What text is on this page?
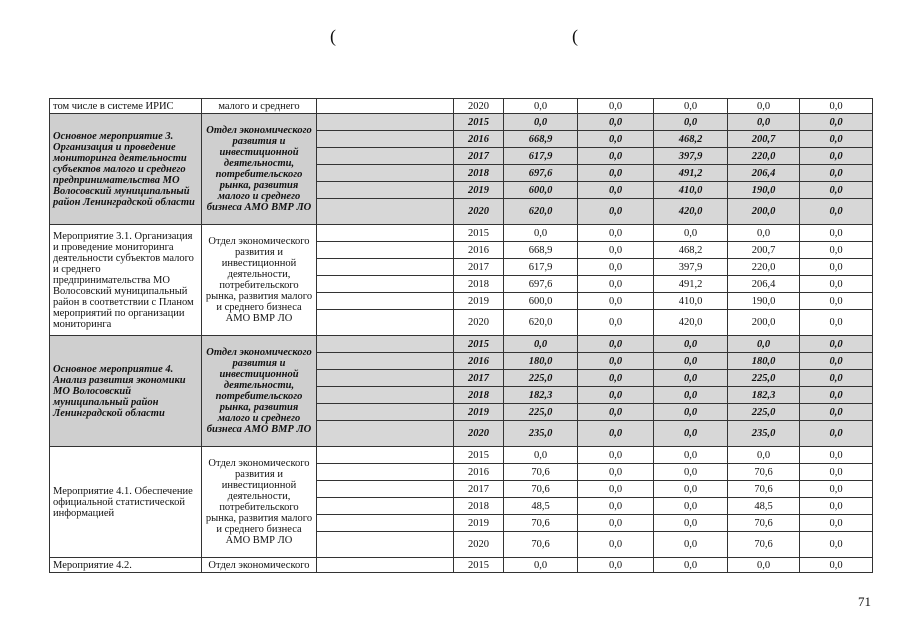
(	(
том числе в системе ИРИС	малого и среднего		2020	0,0	0,0	0,0	0,0	0,0
Основное мероприятие 3. Организация и проведение мониторинга деятельности субъектов малого и среднего предпринимательства МО Волосовский муниципальный район Ленинградской области	Отдел экономического развития и инвестиционной деятельности, потребительского рынка, развития малого и среднего бизнеса АМО ВМР ЛО		2015	0,0	0,0	0,0	0,0	0,0
			2016	668,9	0,0	468,2	200,7	0,0
			2017	617,9	0,0	397,9	220,0	0,0
			2018	697,6	0,0	491,2	206,4	0,0
			2019	600,0	0,0	410,0	190,0	0,0
			2020	620,0	0,0	420,0	200,0	0,0
Мероприятие 3.1. Организация и проведение мониторинга деятельности субъектов малого и среднего предпринимательства МО Волосовский муниципальный район в соответствии с Планом мероприятий по организации мониторинга	Отдел экономического развития и инвестиционной деятельности, потребительского рынка, развития малого и среднего бизнеса АМО ВМР ЛО		2015	0,0	0,0	0,0	0,0	0,0
			2016	668,9	0,0	468,2	200,7	0,0
			2017	617,9	0,0	397,9	220,0	0,0
			2018	697,6	0,0	491,2	206,4	0,0
			2019	600,0	0,0	410,0	190,0	0,0
			2020	620,0	0,0	420,0	200,0	0,0
Основное мероприятие 4. Анализ развития экономики МО Волосовский муниципальный район Ленинградской области	Отдел экономического развития и инвестиционной деятельности, потребительского рынка, развития малого и среднего бизнеса АМО ВМР ЛО		2015	0,0	0,0	0,0	0,0	0,0
			2016	180,0	0,0	0,0	180,0	0,0
			2017	225,0	0,0	0,0	225,0	0,0
			2018	182,3	0,0	0,0	182,3	0,0
			2019	225,0	0,0	0,0	225,0	0,0
			2020	235,0	0,0	0,0	235,0	0,0
Мероприятие 4.1. Обеспечение официальной статистической информацией	Отдел экономического развития и инвестиционной деятельности, потребительского рынка, развития малого и среднего бизнеса АМО ВМР ЛО		2015	0,0	0,0	0,0	0,0	0,0
			2016	70,6	0,0	0,0	70,6	0,0
			2017	70,6	0,0	0,0	70,6	0,0
			2018	48,5	0,0	0,0	48,5	0,0
			2019	70,6	0,0	0,0	70,6	0,0
			2020	70,6	0,0	0,0	70,6	0,0
Мероприятие 4.2.	Отдел экономического		2015	0,0	0,0	0,0	0,0	0,0
71
